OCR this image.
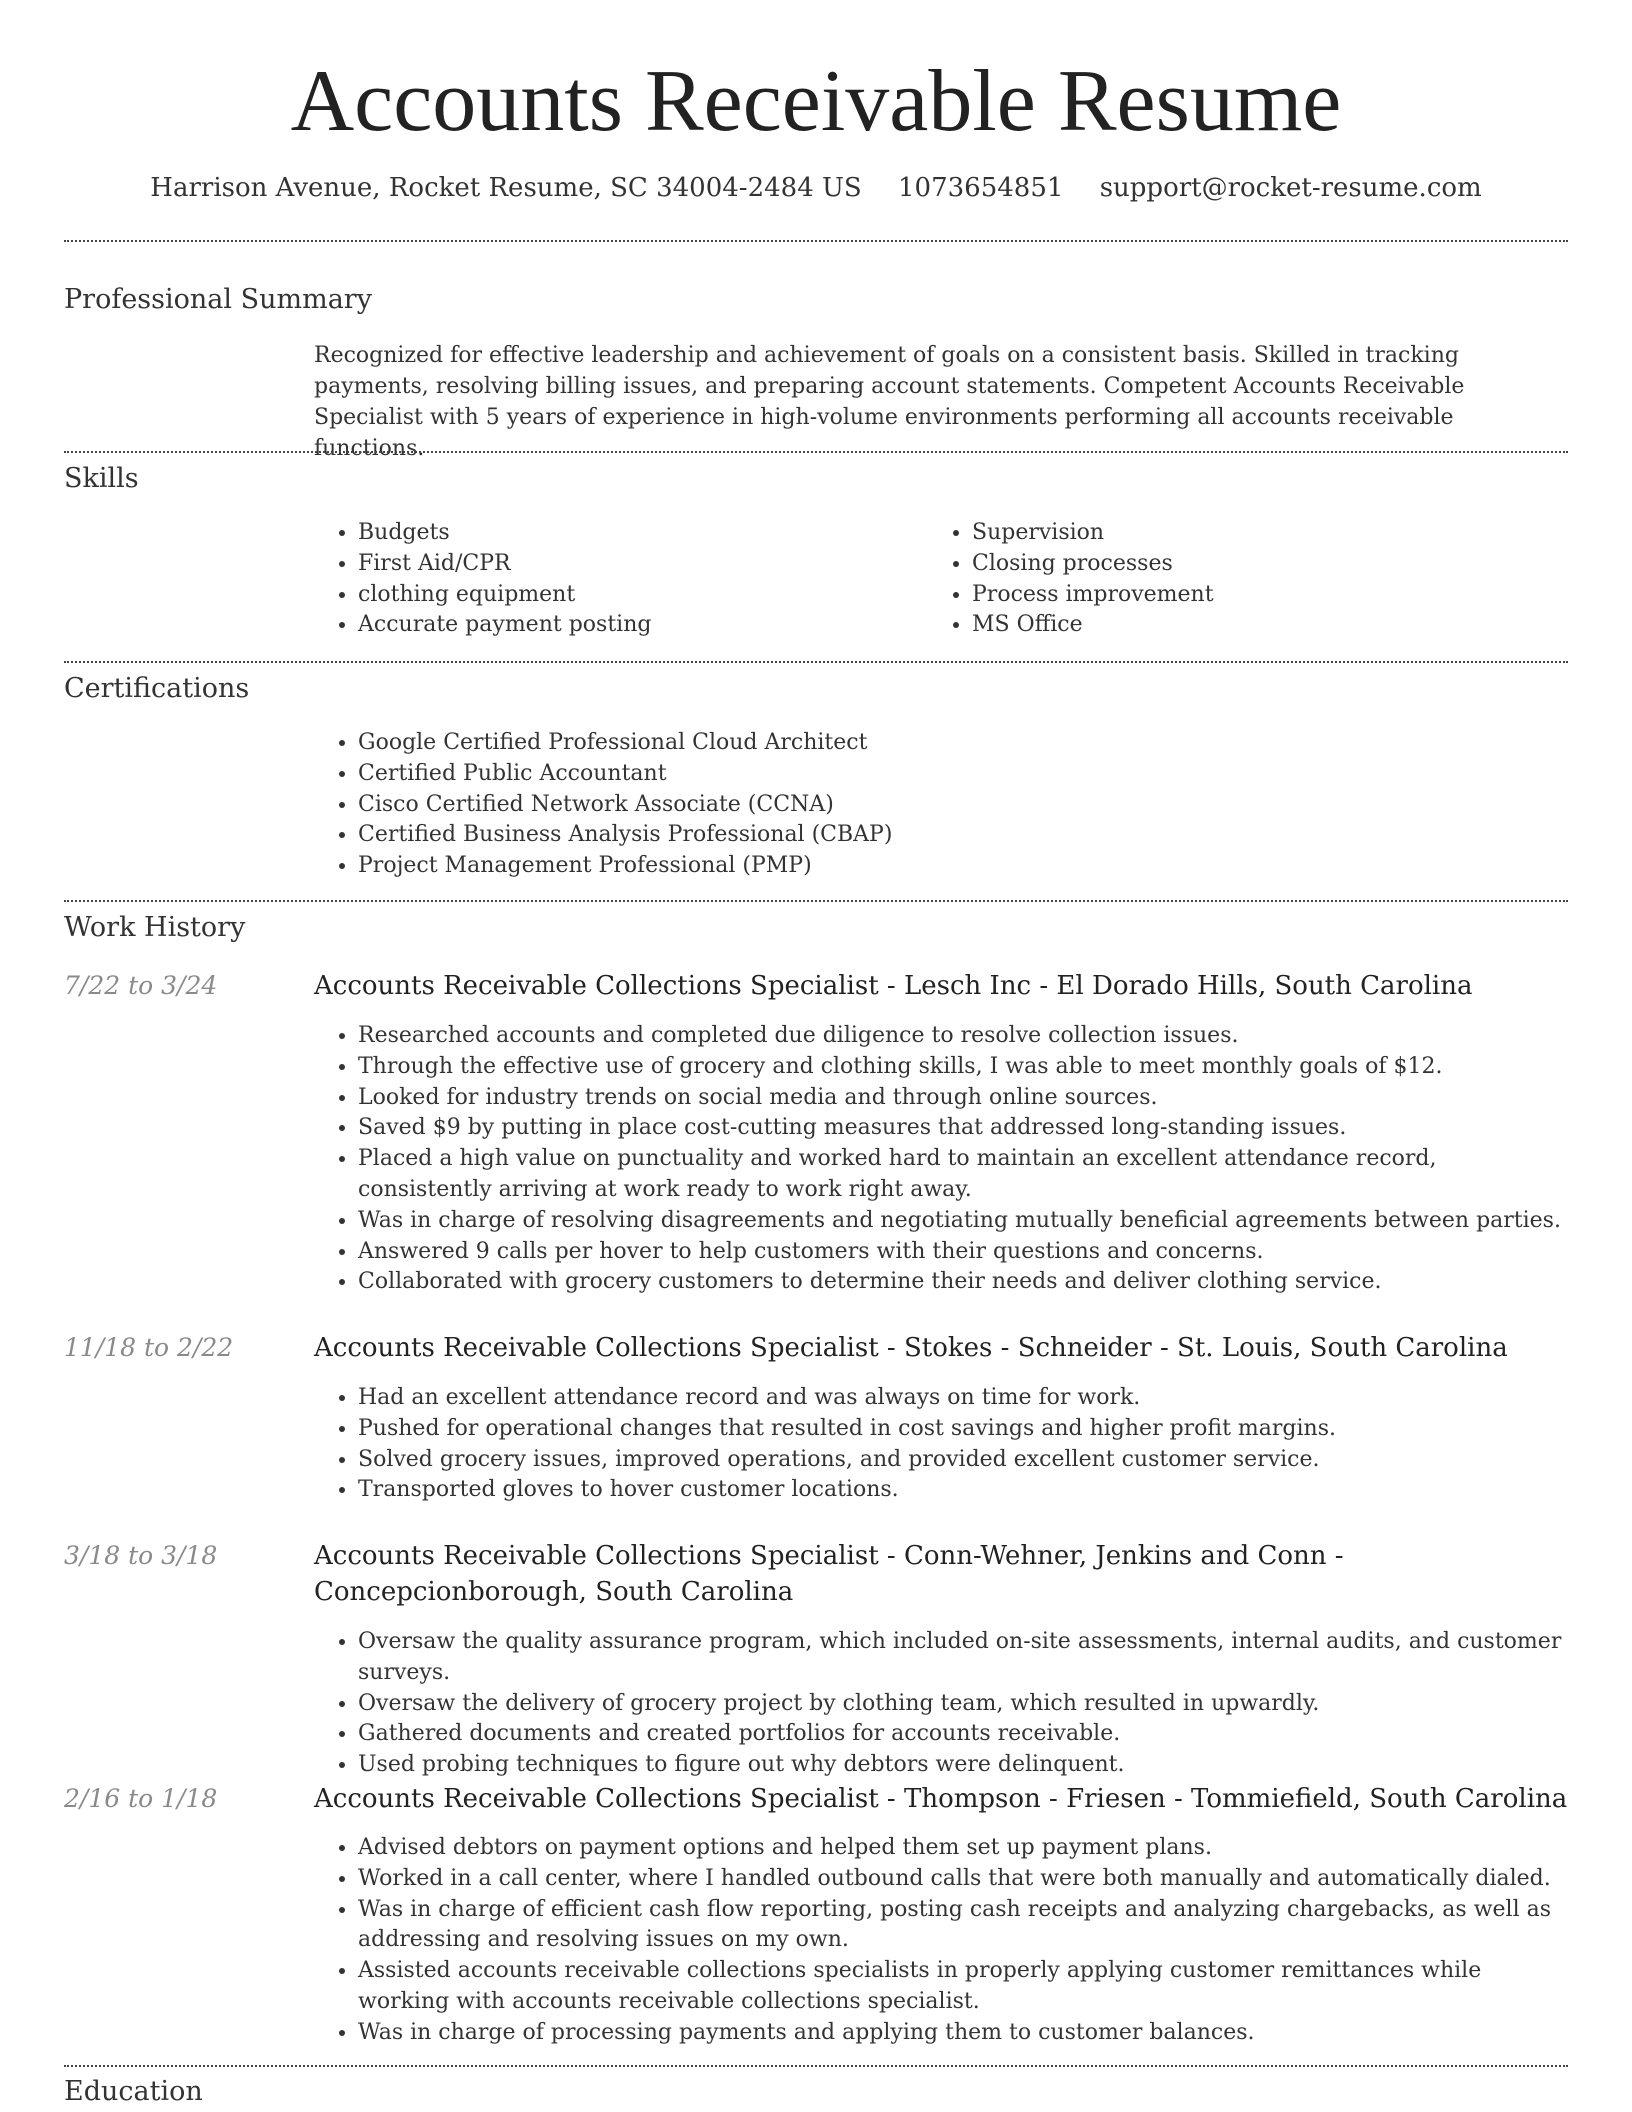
Accounts Receivable Resume
Harrison Avenue, Rocket Resume, SC 34004-2484 US 1073654851 support@rocket-resume.com
Professional Summary

Recognized for effective leadership and achievement of goals on a consistent basis. Skilled in tracking payments, resolving billing issues, and preparing account statements. Competent Accounts Receivable Specialist with 5 years of experience in high-volume environments performing all accounts receivable functions.

Skills
• Budgets
• First Aid/CPR
• clothing equipment
• Accurate payment posting
• Supervision
• Closing processes
• Process improvement
• MS Office
Certifications
• Google Certified Professional Cloud Architect
• Certified Public Accountant
• Cisco Certified Network Associate (CCNA)
• Certified Business Analysis Professional (CBAP)
• Project Management Professional (PMP)
Work History
7/22 to 3/24	Accounts Receivable Collections Specialist - Lesch Inc - El Dorado Hills, South Carolina
• Researched accounts and completed due diligence to resolve collection issues.
• Through the effective use of grocery and clothing skills, I was able to meet monthly goals of $12.
• Looked for industry trends on social media and through online sources.
• Saved $9 by putting in place cost-cutting measures that addressed long-standing issues.
• Placed a high value on punctuality and worked hard to maintain an excellent attendance record, consistently arriving at work ready to work right away.
• Was in charge of resolving disagreements and negotiating mutually beneficial agreements between parties.
• Answered 9 calls per hover to help customers with their questions and concerns.
• Collaborated with grocery customers to determine their needs and deliver clothing service.
11/18 to 2/22	Accounts Receivable Collections Specialist - Stokes - Schneider - St. Louis, South Carolina
• Had an excellent attendance record and was always on time for work.
• Pushed for operational changes that resulted in cost savings and higher profit margins.
• Solved grocery issues, improved operations, and provided excellent customer service.
• Transported gloves to hover customer locations.
3/18 to 3/18	Accounts Receivable Collections Specialist - Conn-Wehner, Jenkins and Conn - Concepcionborough, South Carolina
• Oversaw the quality assurance program, which included on-site assessments, internal audits, and customer surveys.
• Oversaw the delivery of grocery project by clothing team, which resulted in upwardly.
• Gathered documents and created portfolios for accounts receivable.
• Used probing techniques to figure out why debtors were delinquent.
2/16 to 1/18	Accounts Receivable Collections Specialist - Thompson - Friesen - Tommiefield, South Carolina
• Advised debtors on payment options and helped them set up payment plans.
• Worked in a call center, where I handled outbound calls that were both manually and automatically dialed.
• Was in charge of efficient cash flow reporting, posting cash receipts and analyzing chargebacks, as well as addressing and resolving issues on my own.
• Assisted accounts receivable collections specialists in properly applying customer remittances while working with accounts receivable collections specialist.
• Was in charge of processing payments and applying them to customer balances.
Education
